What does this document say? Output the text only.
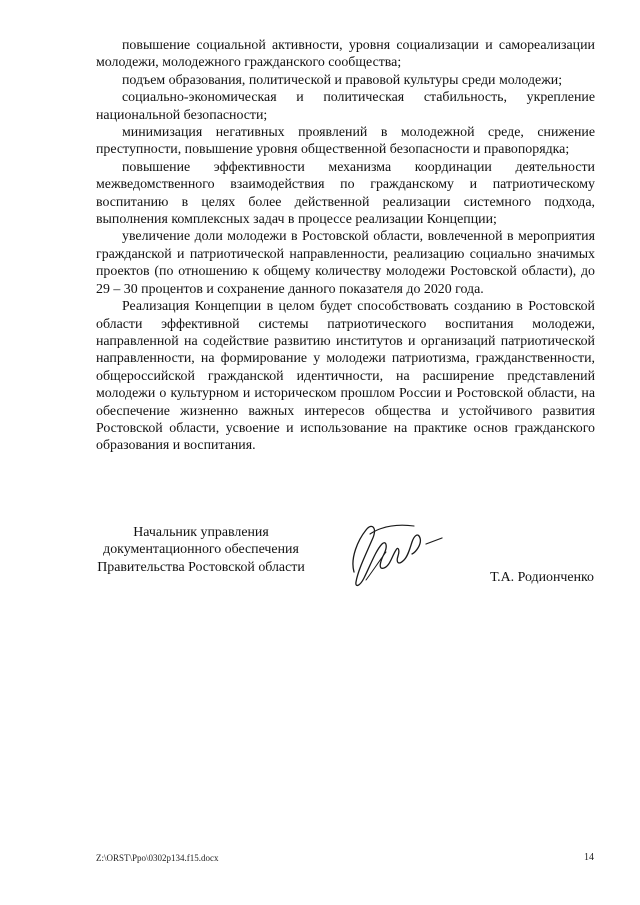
повышение социальной активности, уровня социализации и самореализации молодежи, молодежного гражданского сообщества;

подъем образования, политической и правовой культуры среди молодежи;

социально-экономическая и политическая стабильность, укрепление национальной безопасности;

минимизация негативных проявлений в молодежной среде, снижение преступности, повышение уровня общественной безопасности и правопорядка;

повышение эффективности механизма координации деятельности межведомственного взаимодействия по гражданскому и патриотическому воспитанию в целях более действенной реализации системного подхода, выполнения комплексных задач в процессе реализации Концепции;

увеличение доли молодежи в Ростовской области, вовлеченной в мероприятия гражданской и патриотической направленности, реализацию социально значимых проектов (по отношению к общему количеству молодежи Ростовской области), до 29 – 30 процентов и сохранение данного показателя до 2020 года.

Реализация Концепции в целом будет способствовать созданию в Ростовской области эффективной системы патриотического воспитания молодежи, направленной на содействие развитию институтов и организаций патриотической направленности, на формирование у молодежи патриотизма, гражданственности, общероссийской гражданской идентичности, на расширение представлений молодежи о культурном и историческом прошлом России и Ростовской области, на обеспечение жизненно важных интересов общества и устойчивого развития Ростовской области, усвоение и использование на практике основ гражданского образования и воспитания.

Начальник управления
документационного обеспечения
Правительства Ростовской области
Т.А. Родионченко
Z:\ORST\Ppo\0302p134.f15.docx	14
